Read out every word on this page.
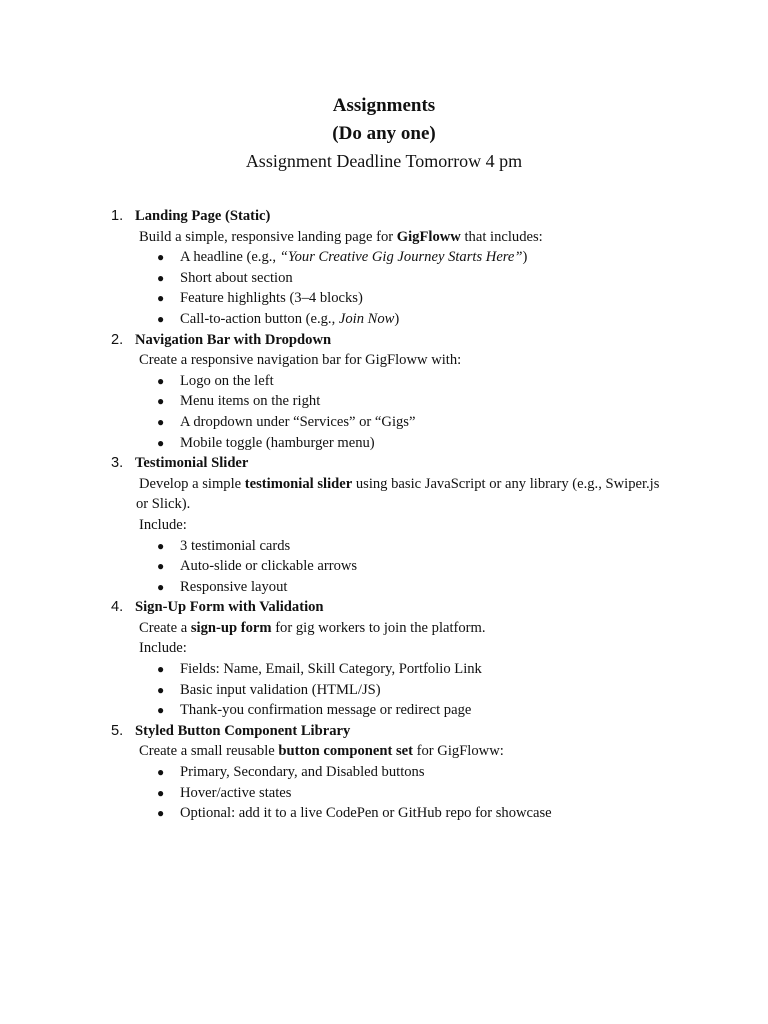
Assignments
(Do any one)
Assignment Deadline Tomorrow 4 pm
1. Landing Page (Static)
Build a simple, responsive landing page for GigFloww that includes:
● A headline (e.g., “Your Creative Gig Journey Starts Here”)
● Short about section
● Feature highlights (3–4 blocks)
● Call-to-action button (e.g., Join Now)
2. Navigation Bar with Dropdown
Create a responsive navigation bar for GigFloww with:
● Logo on the left
● Menu items on the right
● A dropdown under “Services” or “Gigs”
● Mobile toggle (hamburger menu)
3. Testimonial Slider
Develop a simple testimonial slider using basic JavaScript or any library (e.g., Swiper.js
or Slick).
Include:
● 3 testimonial cards
● Auto-slide or clickable arrows
● Responsive layout
4. Sign-Up Form with Validation
Create a sign-up form for gig workers to join the platform.
Include:
● Fields: Name, Email, Skill Category, Portfolio Link
● Basic input validation (HTML/JS)
● Thank-you confirmation message or redirect page
5. Styled Button Component Library
Create a small reusable button component set for GigFloww:
● Primary, Secondary, and Disabled buttons
● Hover/active states
● Optional: add it to a live CodePen or GitHub repo for showcase
